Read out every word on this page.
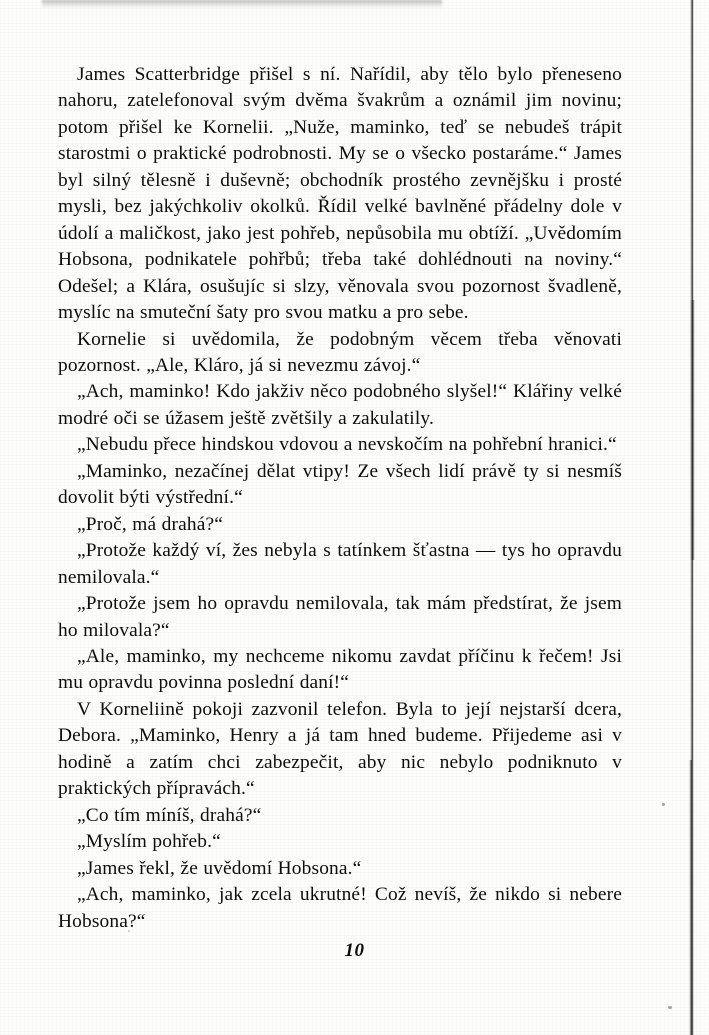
James Scatterbridge přišel s ní. Nařídil, aby tělo bylo přeneseno nahoru, zatelefonoval svým dvěma švakrům a oznámil jim novinu; potom přišel ke Kornelii. „Nuže, maminko, teď se nebudeš trápit starostmi o praktické podrobnosti. My se o všecko postaráme.“ James byl silný tělesně i duševně; obchodník prostého zevnějšku i prosté mysli, bez jakýchkoliv okolků. Řídil velké bavlněné přádelny dole v údolí a maličkost, jako jest pohřeb, nepůsobila mu obtíží. „Uvědomím Hobsona, podnikatele pohřbů; třeba také dohlédnouti na noviny.“ Odešel; a Klára, osušujíc si slzy, věnovala svou pozornost švadleně, myslíc na smuteční šaty pro svou matku a pro sebe.

Kornelie si uvědomila, že podobným věcem třeba věnovati pozornost. „Ale, Kláro, já si nevezmu závoj.“

„Ach, maminko! Kdo jakživ něco podobného slyšel!“ Klářiny velké modré oči se úžasem ještě zvětšily a zakulatily.

„Nebudu přece hindskou vdovou a nevskočím na pohřební hranici.“

„Maminko, nezačínej dělat vtipy! Ze všech lidí právě ty si nesmíš dovolit býti výstřední.“

„Proč, má drahá?“

„Protože každý ví, žes nebyla s tatínkem šťastna — tys ho opravdu nemilovala.“

„Protože jsem ho opravdu nemilovala, tak mám předstírat, že jsem ho milovala?“

„Ale, maminko, my nechceme nikomu zavdat příčinu k řečem! Jsi mu opravdu povinna poslední daní!“

V Korneliině pokoji zazvonil telefon. Byla to její nejstarší dcera, Debora. „Maminko, Henry a já tam hned budeme. Přijedeme asi v hodině a zatím chci zabezpečit, aby nic nebylo podniknuto v praktických přípravách.“

„Co tím míníš, drahá?“

„Myslím pohřeb.“

„James řekl, že uvědomí Hobsona.“

„Ach, maminko, jak zcela ukrutné! Což nevíš, že nikdo si nebere Hobsona?“

10
